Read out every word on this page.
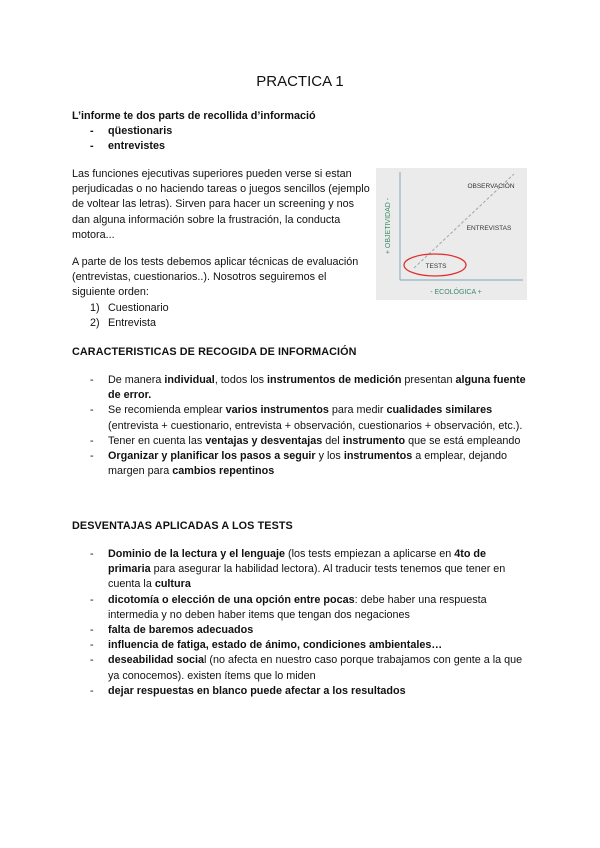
PRACTICA 1
L’informe te dos parts de recollida d’informació
- qüestionaris
- entrevistes
Las funciones ejecutivas superiores pueden verse si estan perjudicadas o no haciendo tareas o juegos sencillos (ejemplo de voltear las letras). Sirven para hacer un screening y nos dan alguna información sobre la frustración, la conducta motora...
A parte de los tests debemos aplicar técnicas de evaluación (entrevistas, cuestionarios..). Nosotros seguiremos el siguiente orden:
1) Cuestionario
2) Entrevista
OBSERVACIÓN
ENTREVISTAS
TESTS
- ECOLÓGICA +
+ OBJETIVIDAD -
CARACTERISTICAS DE RECOGIDA DE INFORMACIÓN
- De manera individual, todos los instrumentos de medición presentan alguna fuente de error.
- Se recomienda emplear varios instrumentos para medir cualidades similares (entrevista + cuestionario, entrevista + observación, cuestionarios + observación, etc.).
- Tener en cuenta las ventajas y desventajas del instrumento que se está empleando
- Organizar y planificar los pasos a seguir y los instrumentos a emplear, dejando margen para cambios repentinos
DESVENTAJAS APLICADAS A LOS TESTS
- Dominio de la lectura y el lenguaje (los tests empiezan a aplicarse en 4to de primaria para asegurar la habilidad lectora). Al traducir tests tenemos que tener en cuenta la cultura
- dicotomía o elección de una opción entre pocas: debe haber una respuesta intermedia y no deben haber items que tengan dos negaciones
- falta de baremos adecuados
- influencia de fatiga, estado de ánimo, condiciones ambientales…
- deseabilidad social (no afecta en nuestro caso porque trabajamos con gente a la que ya conocemos). existen ítems que lo miden
- dejar respuestas en blanco puede afectar a los resultados
